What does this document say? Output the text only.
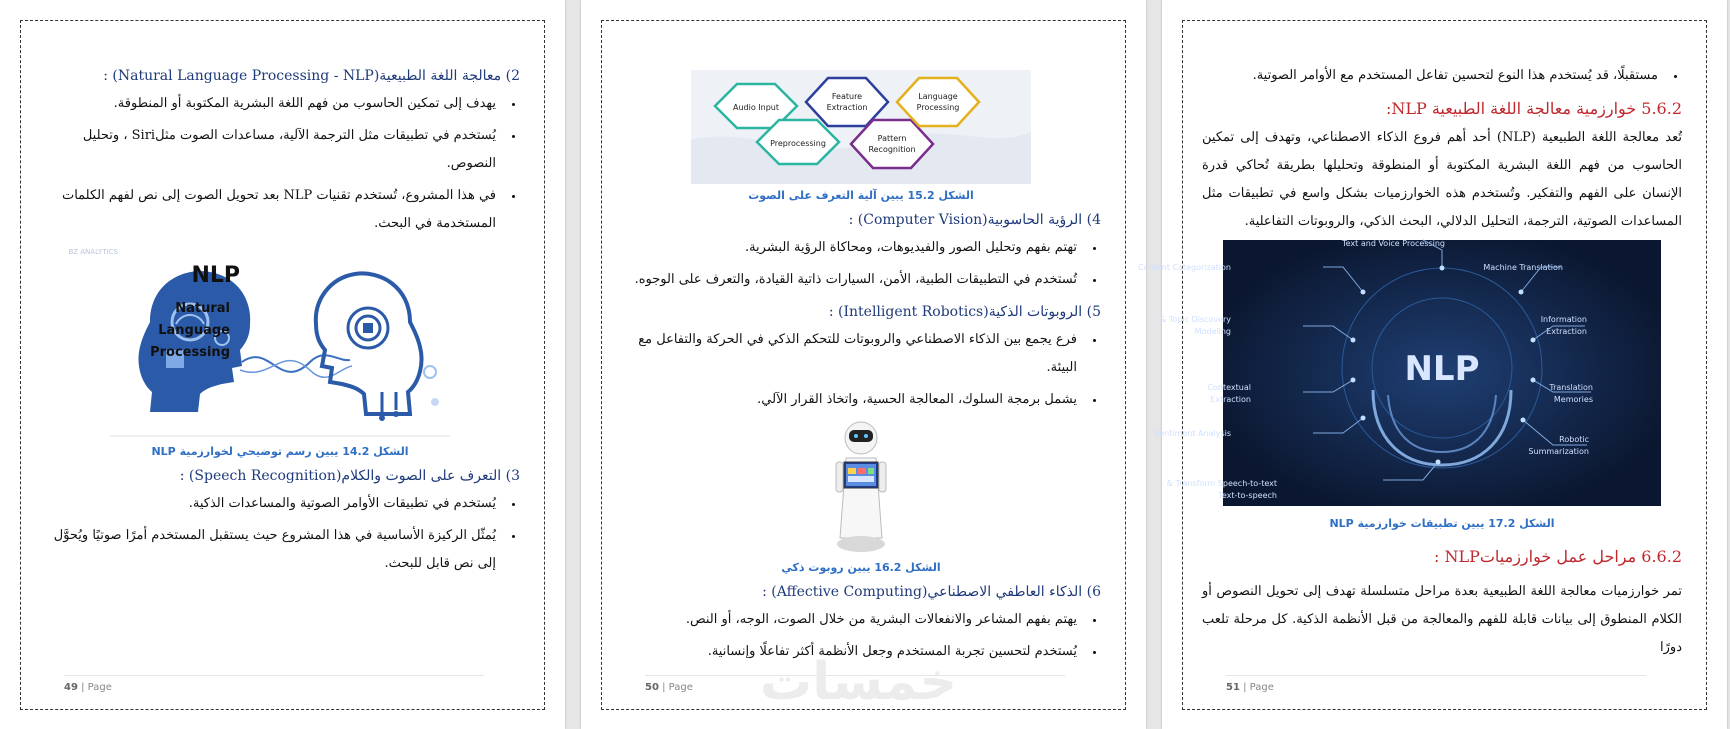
2) معالجة اللغة الطبيعية(Natural Language Processing - NLP) :
• يهدف إلى تمكين الحاسوب من فهم اللغة البشرية المكتوبة أو المنطوقة.
• يُستخدم في تطبيقات مثل الترجمة الآلية، مساعدات الصوت مثلSiri ، وتحليل النصوص.
• في هذا المشروع، تُستخدم تقنيات NLP بعد تحويل الصوت إلى نص لفهم الكلمات المستخدمة في البحث.
BZ ANALYTICS
NLP
Natural
Language
Processing
الشكل 14.2 يبين رسم توضيحي لخوارزمية NLP
3) التعرف على الصوت والكلام(Speech Recognition) :
• يُستخدم في تطبيقات الأوامر الصوتية والمساعدات الذكية.
• يُمثّل الركيزة الأساسية في هذا المشروع حيث يستقبل المستخدم أمرًا صوتيًا ويُحوَّل إلى نص قابل للبحث.
49 | Page
Audio Input
Preprocessing
Feature
Extraction
Pattern
Recognition
Language
Processing
الشكل 15.2 يبين آلية التعرف على الصوت
4) الرؤية الحاسوبية(Computer Vision) :
• تهتم بفهم وتحليل الصور والفيديوهات، ومحاكاة الرؤية البشرية.
• تُستخدم في التطبيقات الطبية، الأمن، السيارات ذاتية القيادة، والتعرف على الوجوه.
5) الروبوتات الذكية(Intelligent Robotics) :
• فرع يجمع بين الذكاء الاصطناعي والروبوتات للتحكم الذكي في الحركة والتفاعل مع البيئة.
• يشمل برمجة السلوك، المعالجة الحسية، واتخاذ القرار الآلي.
الشكل 16.2 يبين روبوت ذكي
6) الذكاء العاطفي الاصطناعي(Affective Computing) :
• يهتم بفهم المشاعر والانفعالات البشرية من خلال الصوت، الوجه، أو النص.
• يُستخدم لتحسين تجربة المستخدم وجعل الأنظمة أكثر تفاعلًا وإنسانية.
50 | Page	خمسات
• مستقبلًا، قد يُستخدم هذا النوع لتحسين تفاعل المستخدم مع الأوامر الصوتية.
5.6.2 خوارزمية معالجة اللغة الطبيعية NLP:
تُعد معالجة اللغة الطبيعية (NLP) أحد أهم فروع الذكاء الاصطناعي، وتهدف إلى تمكين الحاسوب من فهم اللغة البشرية المكتوبة أو المنطوقة وتحليلها بطريقة تُحاكي قدرة الإنسان على الفهم والتفكير. وتُستخدم هذه الخوارزميات بشكل واسع في تطبيقات مثل المساعدات الصوتية، الترجمة، التحليل الدلالي، البحث الذكي، والروبوتات التفاعلية.
NLP
Text and Voice Processing
Content Categorization	Machine Translation
Topic Discovery &
Modeling
Information
Extraction
Contextual
Extraction
Translation
Memories
Sentiment Analysis
Robotic
Summarization
Transform Speech-to-text &
Text-to-speech
الشكل 17.2 يبين تطبيقات خوارزمية NLP
6.6.2 مراحل عمل خوارزمياتNLP :
تمر خوارزميات معالجة اللغة الطبيعية بعدة مراحل متسلسلة تهدف إلى تحويل النصوص أو الكلام المنطوق إلى بيانات قابلة للفهم والمعالجة من قبل الأنظمة الذكية. كل مرحلة تلعب دورًا
51 | Page
